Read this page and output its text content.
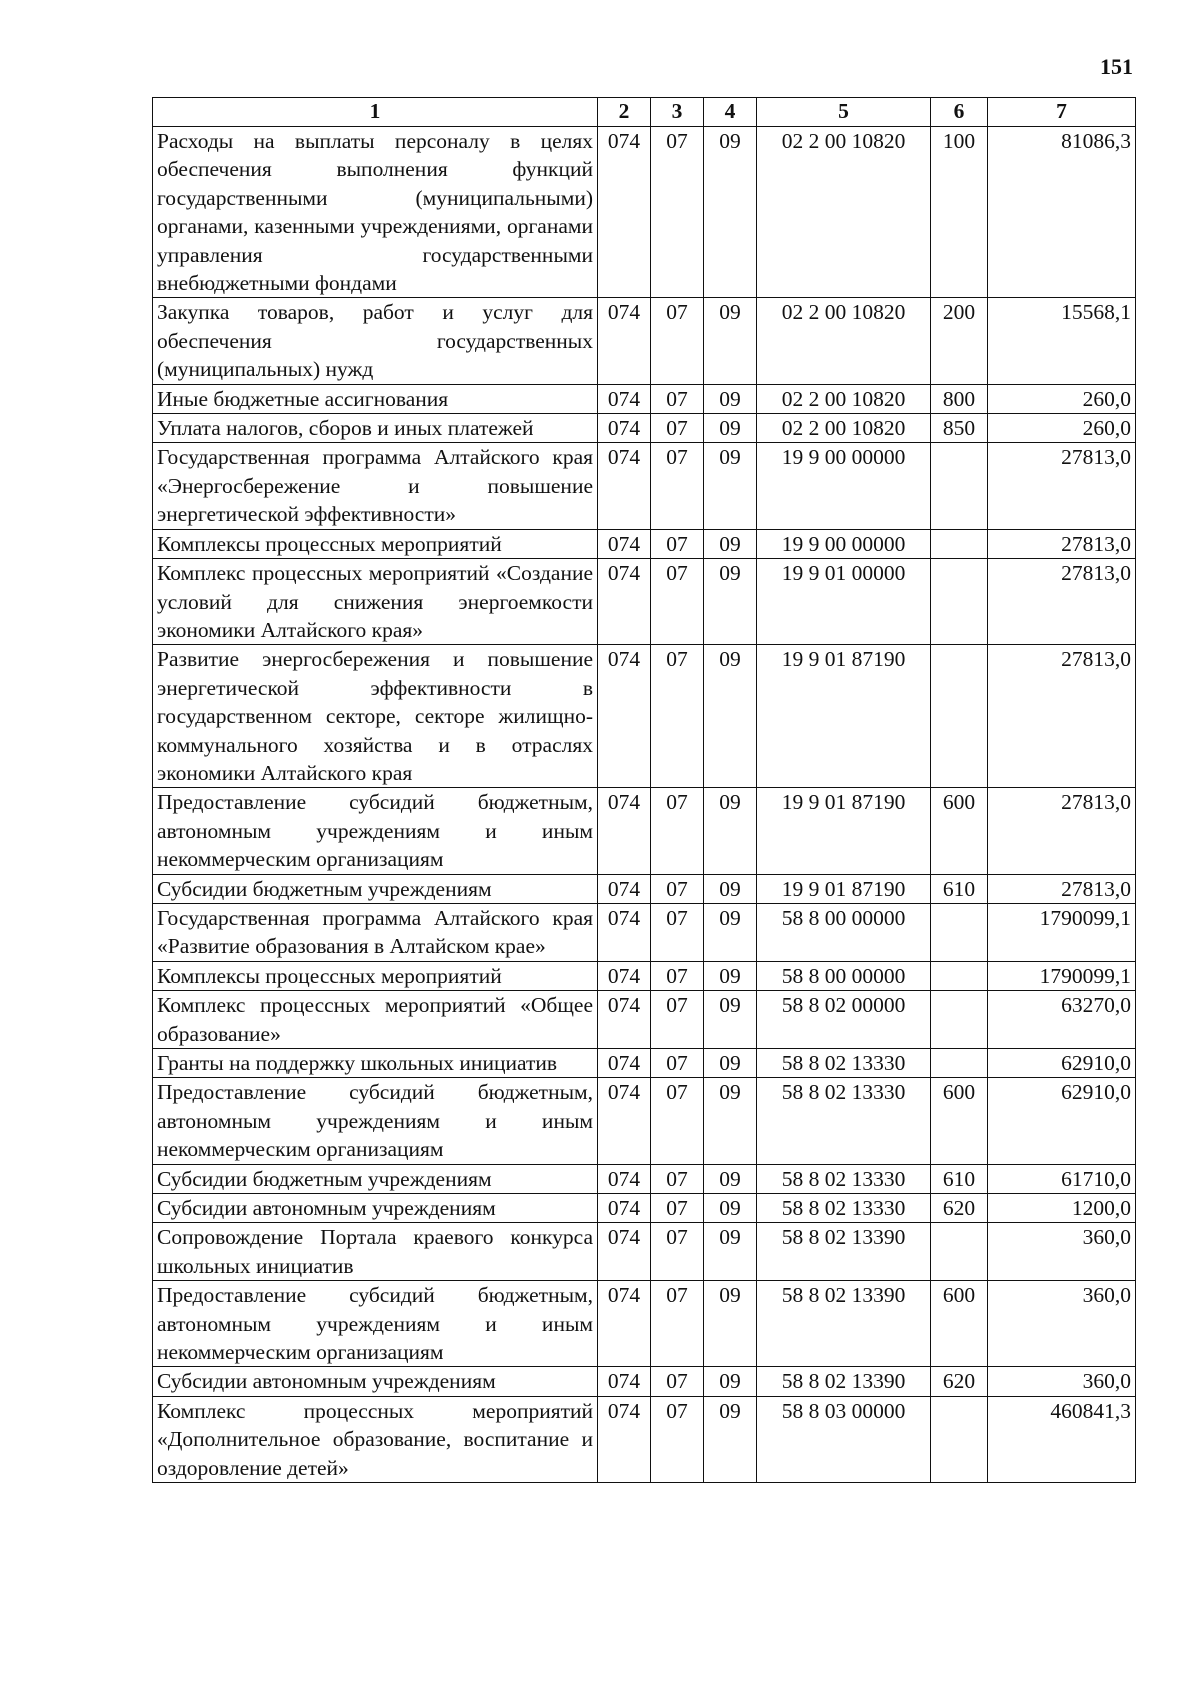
151
1	2	3	4	5	6	7
Расходы на выплаты персоналу в целях обеспечения выполнения функций государственными (муниципальными) органами, казенными учреждениями, органами управления государственными внебюджетными фондами	074	07	09	02 2 00 10820	100	81086,3
Закупка товаров, работ и услуг для обеспечения государственных (муниципальных) нужд	074	07	09	02 2 00 10820	200	15568,1
Иные бюджетные ассигнования	074	07	09	02 2 00 10820	800	260,0
Уплата налогов, сборов и иных платежей	074	07	09	02 2 00 10820	850	260,0
Государственная программа Алтайского края «Энергосбережение и повышение энергетической эффективности»	074	07	09	19 9 00 00000		27813,0
Комплексы процессных мероприятий	074	07	09	19 9 00 00000		27813,0
Комплекс процессных мероприятий «Создание условий для снижения энергоемкости экономики Алтайского края»	074	07	09	19 9 01 00000		27813,0
Развитие энергосбережения и повышение энергетической эффективности в государственном секторе, секторе жилищно-коммунального хозяйства и в отраслях экономики Алтайского края	074	07	09	19 9 01 87190		27813,0
Предоставление субсидий бюджетным, автономным учреждениям и иным некоммерческим организациям	074	07	09	19 9 01 87190	600	27813,0
Субсидии бюджетным учреждениям	074	07	09	19 9 01 87190	610	27813,0
Государственная программа Алтайского края «Развитие образования в Алтайском крае»	074	07	09	58 8 00 00000		1790099,1
Комплексы процессных мероприятий	074	07	09	58 8 00 00000		1790099,1
Комплекс процессных мероприятий «Общее образование»	074	07	09	58 8 02 00000		63270,0
Гранты на поддержку школьных инициатив	074	07	09	58 8 02 13330		62910,0
Предоставление субсидий бюджетным, автономным учреждениям и иным некоммерческим организациям	074	07	09	58 8 02 13330	600	62910,0
Субсидии бюджетным учреждениям	074	07	09	58 8 02 13330	610	61710,0
Субсидии автономным учреждениям	074	07	09	58 8 02 13330	620	1200,0
Сопровождение Портала краевого конкурса школьных инициатив	074	07	09	58 8 02 13390		360,0
Предоставление субсидий бюджетным, автономным учреждениям и иным некоммерческим организациям	074	07	09	58 8 02 13390	600	360,0
Субсидии автономным учреждениям	074	07	09	58 8 02 13390	620	360,0
Комплекс процессных мероприятий «Дополнительное образование, воспитание и оздоровление детей»	074	07	09	58 8 03 00000		460841,3
